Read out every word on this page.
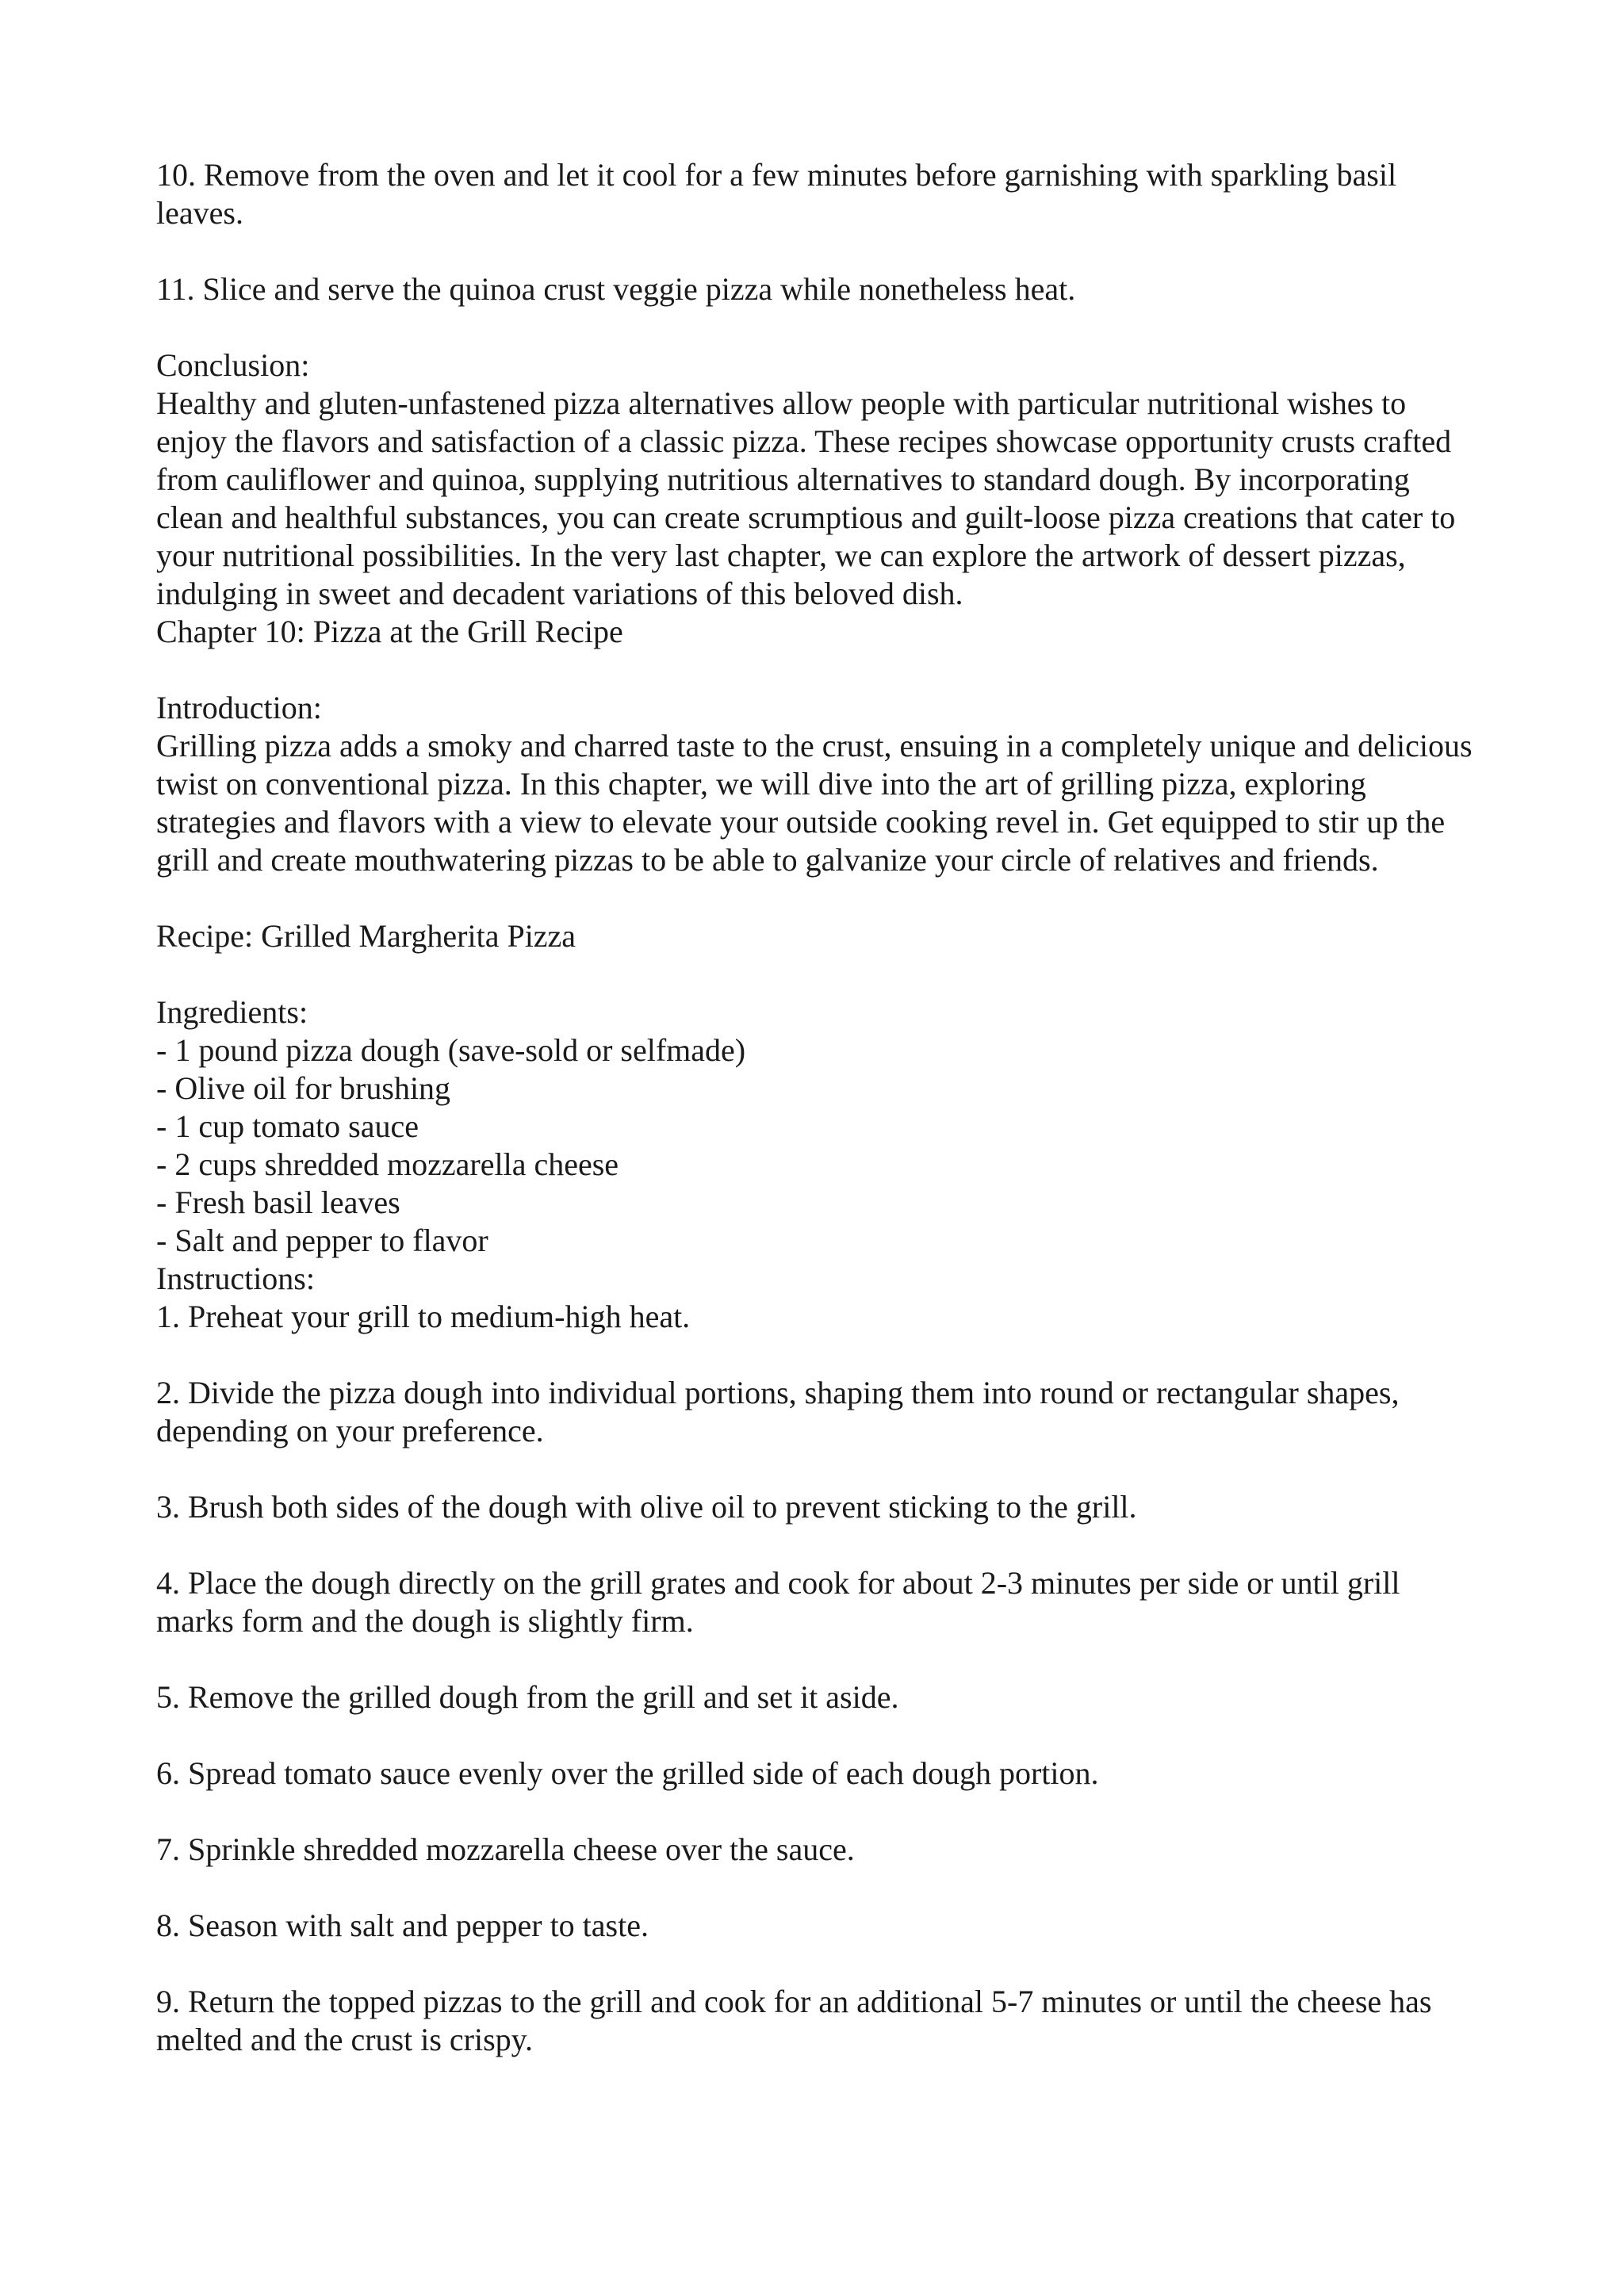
10. Remove from the oven and let it cool for a few minutes before garnishing with sparkling basil leaves.

11. Slice and serve the quinoa crust veggie pizza while nonetheless heat.

Conclusion:

Healthy and gluten-unfastened pizza alternatives allow people with particular nutritional wishes to enjoy the flavors and satisfaction of a classic pizza. These recipes showcase opportunity crusts crafted from cauliflower and quinoa, supplying nutritious alternatives to standard dough. By incorporating clean and healthful substances, you can create scrumptious and guilt-loose pizza creations that cater to your nutritional possibilities. In the very last chapter, we can explore the artwork of dessert pizzas, indulging in sweet and decadent variations of this beloved dish.

Chapter 10: Pizza at the Grill Recipe

Introduction:

Grilling pizza adds a smoky and charred taste to the crust, ensuing in a completely unique and delicious twist on conventional pizza. In this chapter, we will dive into the art of grilling pizza, exploring strategies and flavors with a view to elevate your outside cooking revel in. Get equipped to stir up the grill and create mouthwatering pizzas to be able to galvanize your circle of relatives and friends.

Recipe: Grilled Margherita Pizza

Ingredients:

- 1 pound pizza dough (save-sold or selfmade)

- Olive oil for brushing

- 1 cup tomato sauce

- 2 cups shredded mozzarella cheese

- Fresh basil leaves

- Salt and pepper to flavor

Instructions:

1. Preheat your grill to medium-high heat.

2. Divide the pizza dough into individual portions, shaping them into round or rectangular shapes, depending on your preference.

3. Brush both sides of the dough with olive oil to prevent sticking to the grill.

4. Place the dough directly on the grill grates and cook for about 2-3 minutes per side or until grill marks form and the dough is slightly firm.

5. Remove the grilled dough from the grill and set it aside.

6. Spread tomato sauce evenly over the grilled side of each dough portion.

7. Sprinkle shredded mozzarella cheese over the sauce.

8. Season with salt and pepper to taste.

9. Return the topped pizzas to the grill and cook for an additional 5-7 minutes or until the cheese has melted and the crust is crispy.
